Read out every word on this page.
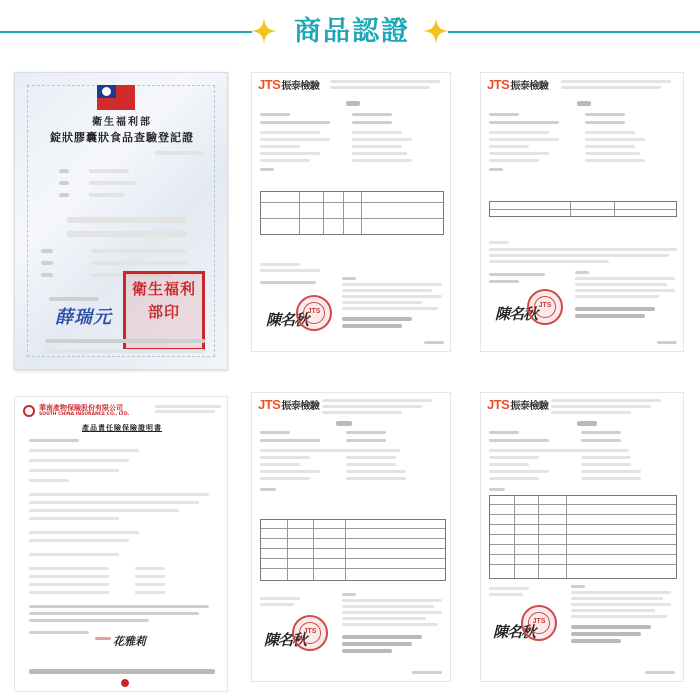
商品認證
衛生福利部
錠狀膠囊狀食品查驗登記證
薛瑞元
衛生福利部印
JTS振泰檢驗
陳名秋 JTS
JTS振泰檢驗
陳名秋 JTS
華南產物保險股份有限公司
SOUTH CHINA INSURANCE CO., LTD.
產品責任險保險證明書
花雅莉
JTS振泰檢驗
陳名秋
JTS
JTS振泰檢驗
陳名秋
JTS
